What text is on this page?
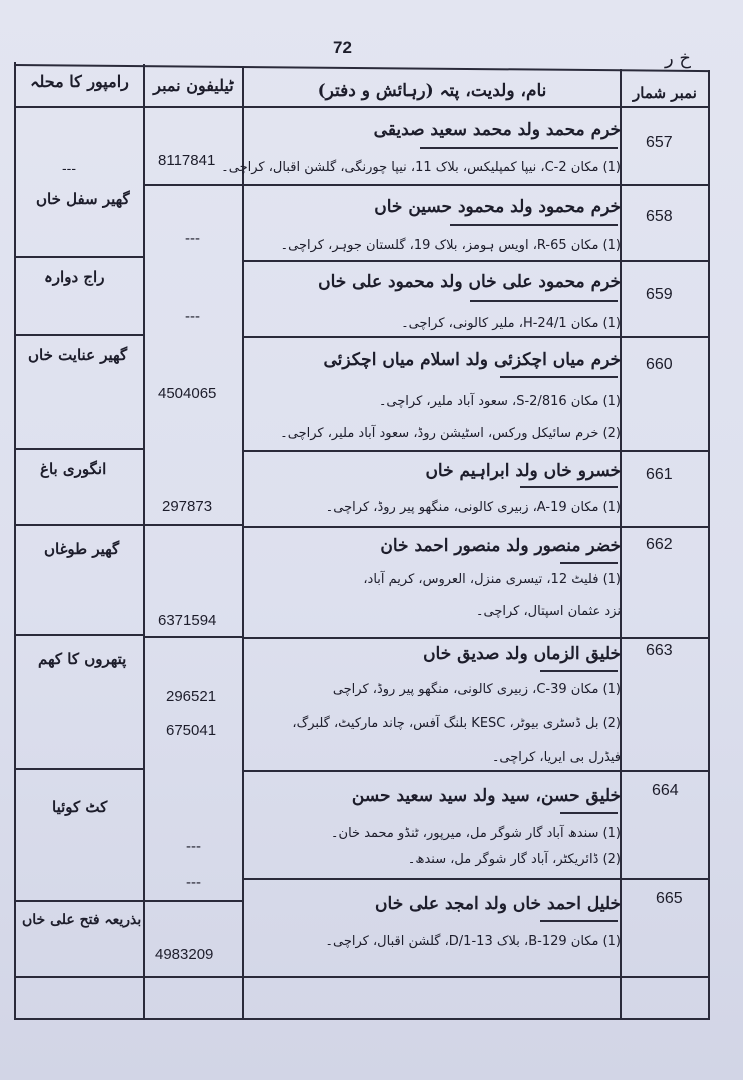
72
خ ر
نمبر شمار
نام، ولدیت، پتہ (رہائش و دفتر)
ٹیلیفون نمبر
رامپور کا محلہ
657
خرم محمد ولد محمد سعید صدیقی
(1) مکان C-2، نیپا کمپلیکس، بلاک 11، نیپا چورنگی، گلشن اقبال، کراچی۔
8117841
---
658
خرم محمود ولد محمود حسین خاں
(1) مکان R-65، اویس ہومز، بلاک 19، گلستان جوہر، کراچی۔
---
گھیر سفل خاں
659
خرم محمود علی خاں ولد محمود علی خاں
(1) مکان H-24/1، ملیر کالونی، کراچی۔
---
راج دوارہ
660
خرم میاں اچکزئی ولد اسلام میاں اچکزئی
(1) مکان S-2/816، سعود آباد ملیر، کراچی۔
(2) خرم سائیکل ورکس، اسٹیشن روڈ، سعود آباد ملیر، کراچی۔
4504065
گھیر عنایت خاں
661
خسرو خاں ولد ابراہیم خاں
(1) مکان A-19، زبیری کالونی، منگھو پیر روڈ، کراچی۔
297873
انگوری باغ
662
خضر منصور ولد منصور احمد خان
(1) فلیٹ 12، تیسری منزل، العروس، کریم آباد،
نزد عثمان اسپتال، کراچی۔
6371594
گھیر طوغاں
663
خلیق الزماں ولد صدیق خاں
(1) مکان C-39، زبیری کالونی، منگھو پیر روڈ، کراچی
(2) بل ڈسٹری بیوٹر، KESC بلنگ آفس، چاند مارکیٹ، گلبرگ،
فیڈرل بی ایریا، کراچی۔
296521
675041
پتھروں کا کھم
664
خلیق حسن، سید ولد سید سعید حسن
(1) سندھ آباد گار شوگر مل، میرپور، ٹنڈو محمد خان۔
(2) ڈائریکٹر، آباد گار شوگر مل، سندھ۔
---
---
کٹ کوئیا
665
خلیل احمد خاں ولد امجد علی خاں
(1) مکان B-129، بلاک 13-D/1، گلشن اقبال، کراچی۔
4983209
بذریعہ فتح علی خاں
